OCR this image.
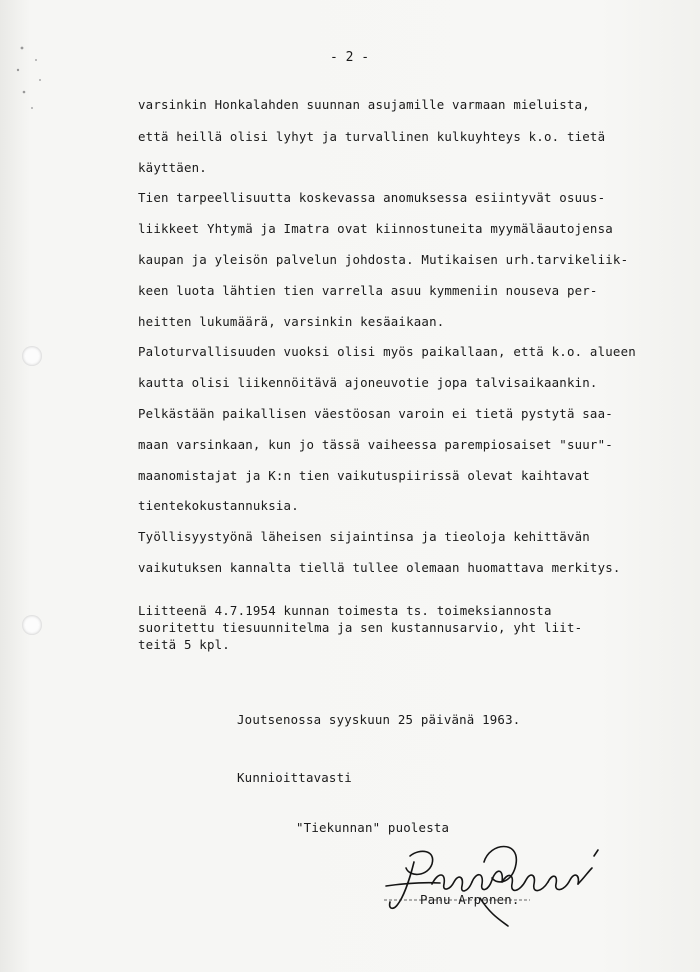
- 2 -
varsinkin Honkalahden suunnan asujamille varmaan mieluista,
että heillä olisi lyhyt ja turvallinen kulkuyhteys k.o. tietä
käyttäen.
Tien tarpeellisuutta koskevassa anomuksessa esiintyvät osuus-
liikkeet Yhtymä ja Imatra ovat kiinnostuneita myymäläautojensa
kaupan ja yleisön palvelun johdosta. Mutikaisen urh.tarvikeliik-
keen luota lähtien tien varrella asuu kymmeniin nouseva per-
heitten lukumäärä, varsinkin kesäaikaan.
Paloturvallisuuden vuoksi olisi myös paikallaan, että k.o. alueen
kautta olisi liikennöitävä ajoneuvotie jopa talvisaikaankin.
Pelkästään paikallisen väestöosan varoin ei tietä pystytä saa-
maan varsinkaan, kun jo tässä vaiheessa parempiosaiset "suur"-
maanomistajat ja K:n tien vaikutuspiirissä olevat kaihtavat
tientekokustannuksia.
Työllisyystyönä läheisen sijaintinsa ja tieoloja kehittävän
vaikutuksen kannalta tiellä tullee olemaan huomattava merkitys.
Liitteenä 4.7.1954 kunnan toimesta ts. toimeksiannosta
suoritettu tiesuunnitelma ja sen kustannusarvio, yht liit-
teitä 5 kpl.
Joutsenossa syyskuun 25 päivänä 1963.
Kunnioittavasti
"Tiekunnan" puolesta
Panu Arponen.
